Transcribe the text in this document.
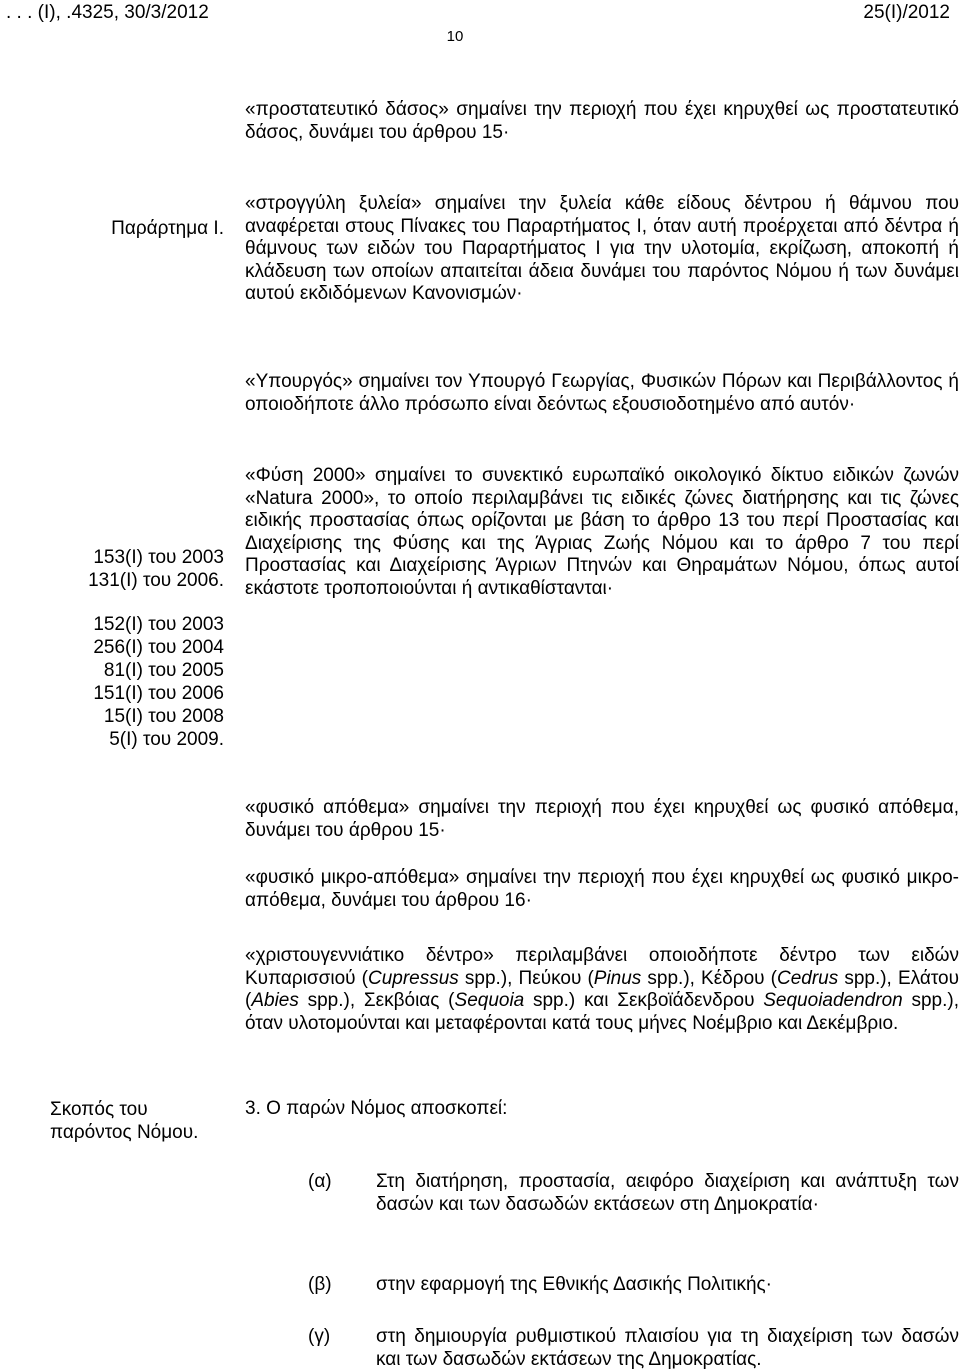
. . . (I), .4325, 30/3/2012	25(I)/2012
10
«προστατευτικό δάσος» σημαίνει την περιοχή που έχει κηρυχθεί ως προστατευτικό δάσος, δυνάμει του άρθρου 15·
Παράρτημα Ι.
«στρογγύλη ξυλεία» σημαίνει την ξυλεία κάθε είδους δέντρου ή θάμνου που αναφέρεται στους Πίνακες του Παραρτήματος Ι, όταν αυτή προέρχεται από δέντρα ή θάμνους των ειδών του Παραρτήματος Ι για την υλοτομία, εκρίζωση, αποκοπή ή κλάδευση των οποίων απαιτείται άδεια δυνάμει του παρόντος Νόμου ή των δυνάμει αυτού εκδιδόμενων Κανονισμών·
«Υπουργός» σημαίνει τον Υπουργό Γεωργίας, Φυσικών Πόρων και Περιβάλλοντος ή οποιοδήποτε άλλο πρόσωπο είναι δεόντως εξουσιοδοτημένο από αυτόν·
«Φύση 2000» σημαίνει το συνεκτικό ευρωπαϊκό οικολογικό δίκτυο ειδικών ζωνών «Natura 2000», το οποίο περιλαμβάνει τις ειδικές ζώνες διατήρησης και τις ζώνες ειδικής προστασίας όπως ορίζονται με βάση το άρθρο 13 του περί Προστασίας και Διαχείρισης της Φύσης και της Άγριας Ζωής Νόμου και το άρθρο 7 του περί Προστασίας και Διαχείρισης Άγριων Πτηνών και Θηραμάτων Νόμου, όπως αυτοί εκάστοτε τροποποιούνται ή αντικαθίστανται·
153(I) του 2003
131(I) του 2006.
152(I) του 2003
256(I) του 2004
81(I) του 2005
151(I) του 2006
15(I) του 2008
5(I) του 2009.
«φυσικό απόθεμα» σημαίνει την περιοχή που έχει κηρυχθεί ως φυσικό απόθεμα, δυνάμει του άρθρου 15·
«φυσικό μικρο-απόθεμα» σημαίνει την περιοχή που έχει κηρυχθεί ως φυσικό μικρο-απόθεμα, δυνάμει του άρθρου 16·
«χριστουγεννιάτικο δέντρο» περιλαμβάνει οποιοδήποτε δέντρο των ειδών Κυπαρισσιού (Cupressus spp.), Πεύκου (Pinus spp.), Κέδρου (Cedrus spp.), Ελάτου (Abies spp.), Σεκβόιας (Sequoia spp.) και Σεκβοϊάδενδρου Sequoiadendron spp.), όταν υλοτομούνται και μεταφέρονται κατά τους μήνες Νοέμβριο και Δεκέμβριο.
Σκοπός του
παρόντος Νόμου.
3. Ο παρών Νόμος αποσκοπεί:
(α)	Στη διατήρηση, προστασία, αειφόρο διαχείριση και ανάπτυξη των δασών και των δασωδών εκτάσεων στη Δημοκρατία·
(β)	στην εφαρμογή της Εθνικής Δασικής Πολιτικής·
(γ)	στη δημιουργία ρυθμιστικού πλαισίου για τη διαχείριση των δασών και των δασωδών εκτάσεων της Δημοκρατίας.
